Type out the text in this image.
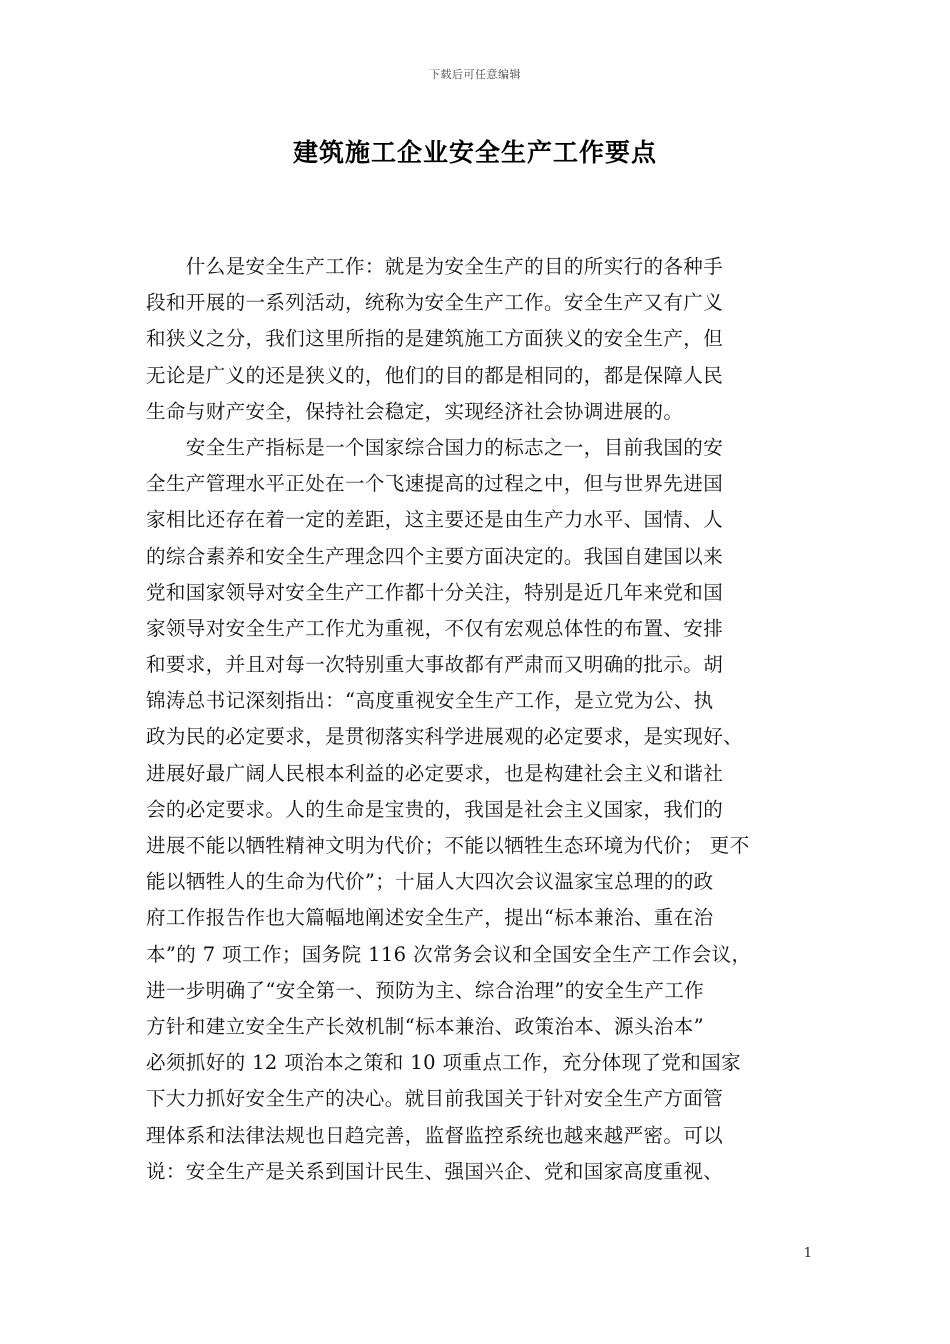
下载后可任意编辑
建筑施工企业安全生产工作要点
　　什么是安全生产工作：就是为安全生产的目的所实行的各种手
段和开展的一系列活动，统称为安全生产工作。安全生产又有广义
和狭义之分，我们这里所指的是建筑施工方面狭义的安全生产，但
无论是广义的还是狭义的，他们的目的都是相同的，都是保障人民
生命与财产安全，保持社会稳定，实现经济社会协调进展的。
　　安全生产指标是一个国家综合国力的标志之一，目前我国的安
全生产管理水平正处在一个飞速提高的过程之中，但与世界先进国
家相比还存在着一定的差距，这主要还是由生产力水平、国情、人
的综合素养和安全生产理念四个主要方面决定的。我国自建国以来
党和国家领导对安全生产工作都十分关注，特别是近几年来党和国
家领导对安全生产工作尤为重视，不仅有宏观总体性的布置、安排
和要求，并且对每一次特别重大事故都有严肃而又明确的批示。胡
锦涛总书记深刻指出：“高度重视安全生产工作，是立党为公、执
政为民的必定要求，是贯彻落实科学进展观的必定要求，是实现好、
进展好最广阔人民根本利益的必定要求，也是构建社会主义和谐社
会的必定要求。人的生命是宝贵的，我国是社会主义国家，我们的
进展不能以牺牲精神文明为代价；不能以牺牲生态环境为代价； 更不
能以牺牲人的生命为代价”；十届人大四次会议温家宝总理的的政
府工作报告作也大篇幅地阐述安全生产，提出“标本兼治、重在治
本”的 7 项工作；国务院 116 次常务会议和全国安全生产工作会议，
进一步明确了“安全第一、预防为主、综合治理”的安全生产工作
方针和建立安全生产长效机制“标本兼治、政策治本、源头治本”
必须抓好的 12 项治本之策和 10 项重点工作，充分体现了党和国家
下大力抓好安全生产的决心。就目前我国关于针对安全生产方面管
理体系和法律法规也日趋完善，监督监控系统也越来越严密。可以
说：安全生产是关系到国计民生、强国兴企、党和国家高度重视、
1
